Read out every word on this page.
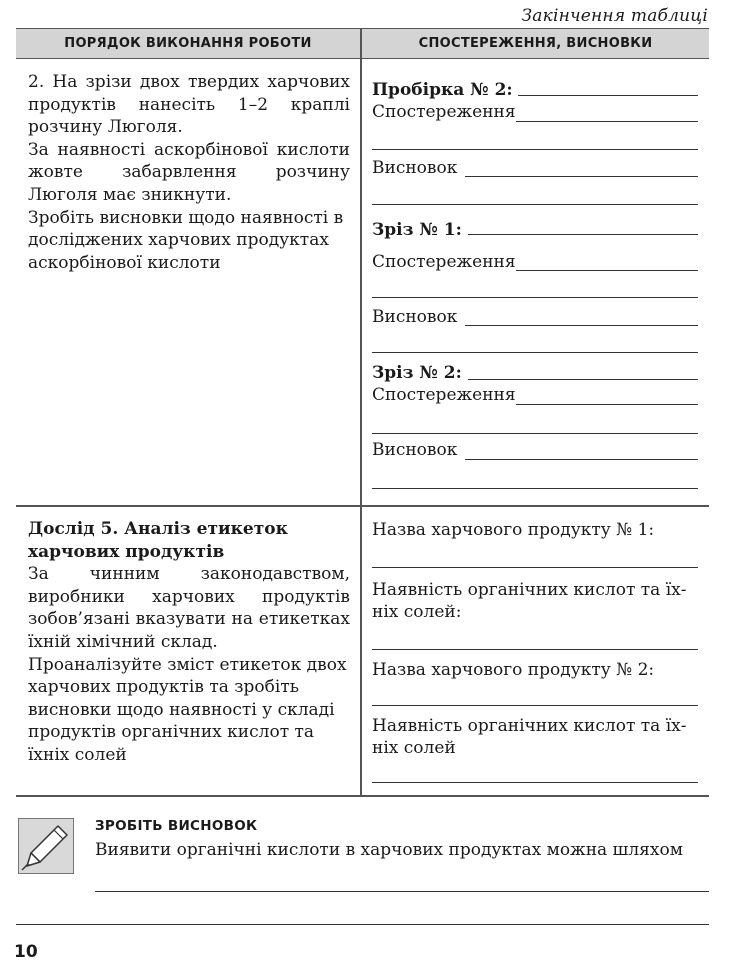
Закінчення таблиці
ПОРЯДОК ВИКОНАННЯ РОБОТИ	СПОСТЕРЕЖЕННЯ, ВИСНОВКИ

2. На зрізи двох твердих харчових продуктів нанесіть 1–2 краплі розчину Люголя.

За наявності аскорбінової кислоти жовте забарвлення розчину Люголя має зникнути.

Зробіть висновки щодо наявності в досліджених харчових продуктах аскорбінової кислоти

Пробірка № 2:
Спостереження
Висновок
Зріз № 1:
Спостереження
Висновок
Зріз № 2:
Спостереження
Висновок

Дослід 5. Аналіз етикеток харчових продуктів

За чинним законодавством, виробники харчових продуктів зобов’язані вказувати на етикетках їхній хімічний склад.

Проаналізуйте зміст етикеток двох харчових продуктів та зробіть висновки щодо наявності у складі продуктів органічних кислот та їхніх солей

Назва харчового продукту № 1:
Наявність органічних кислот та їх-ніх солей:
Назва харчового продукту № 2:
Наявність органічних кислот та їх-ніх солей
ЗРОБІТЬ ВИСНОВОК
Виявити органічні кислоти в харчових продуктах можна шляхом
10
